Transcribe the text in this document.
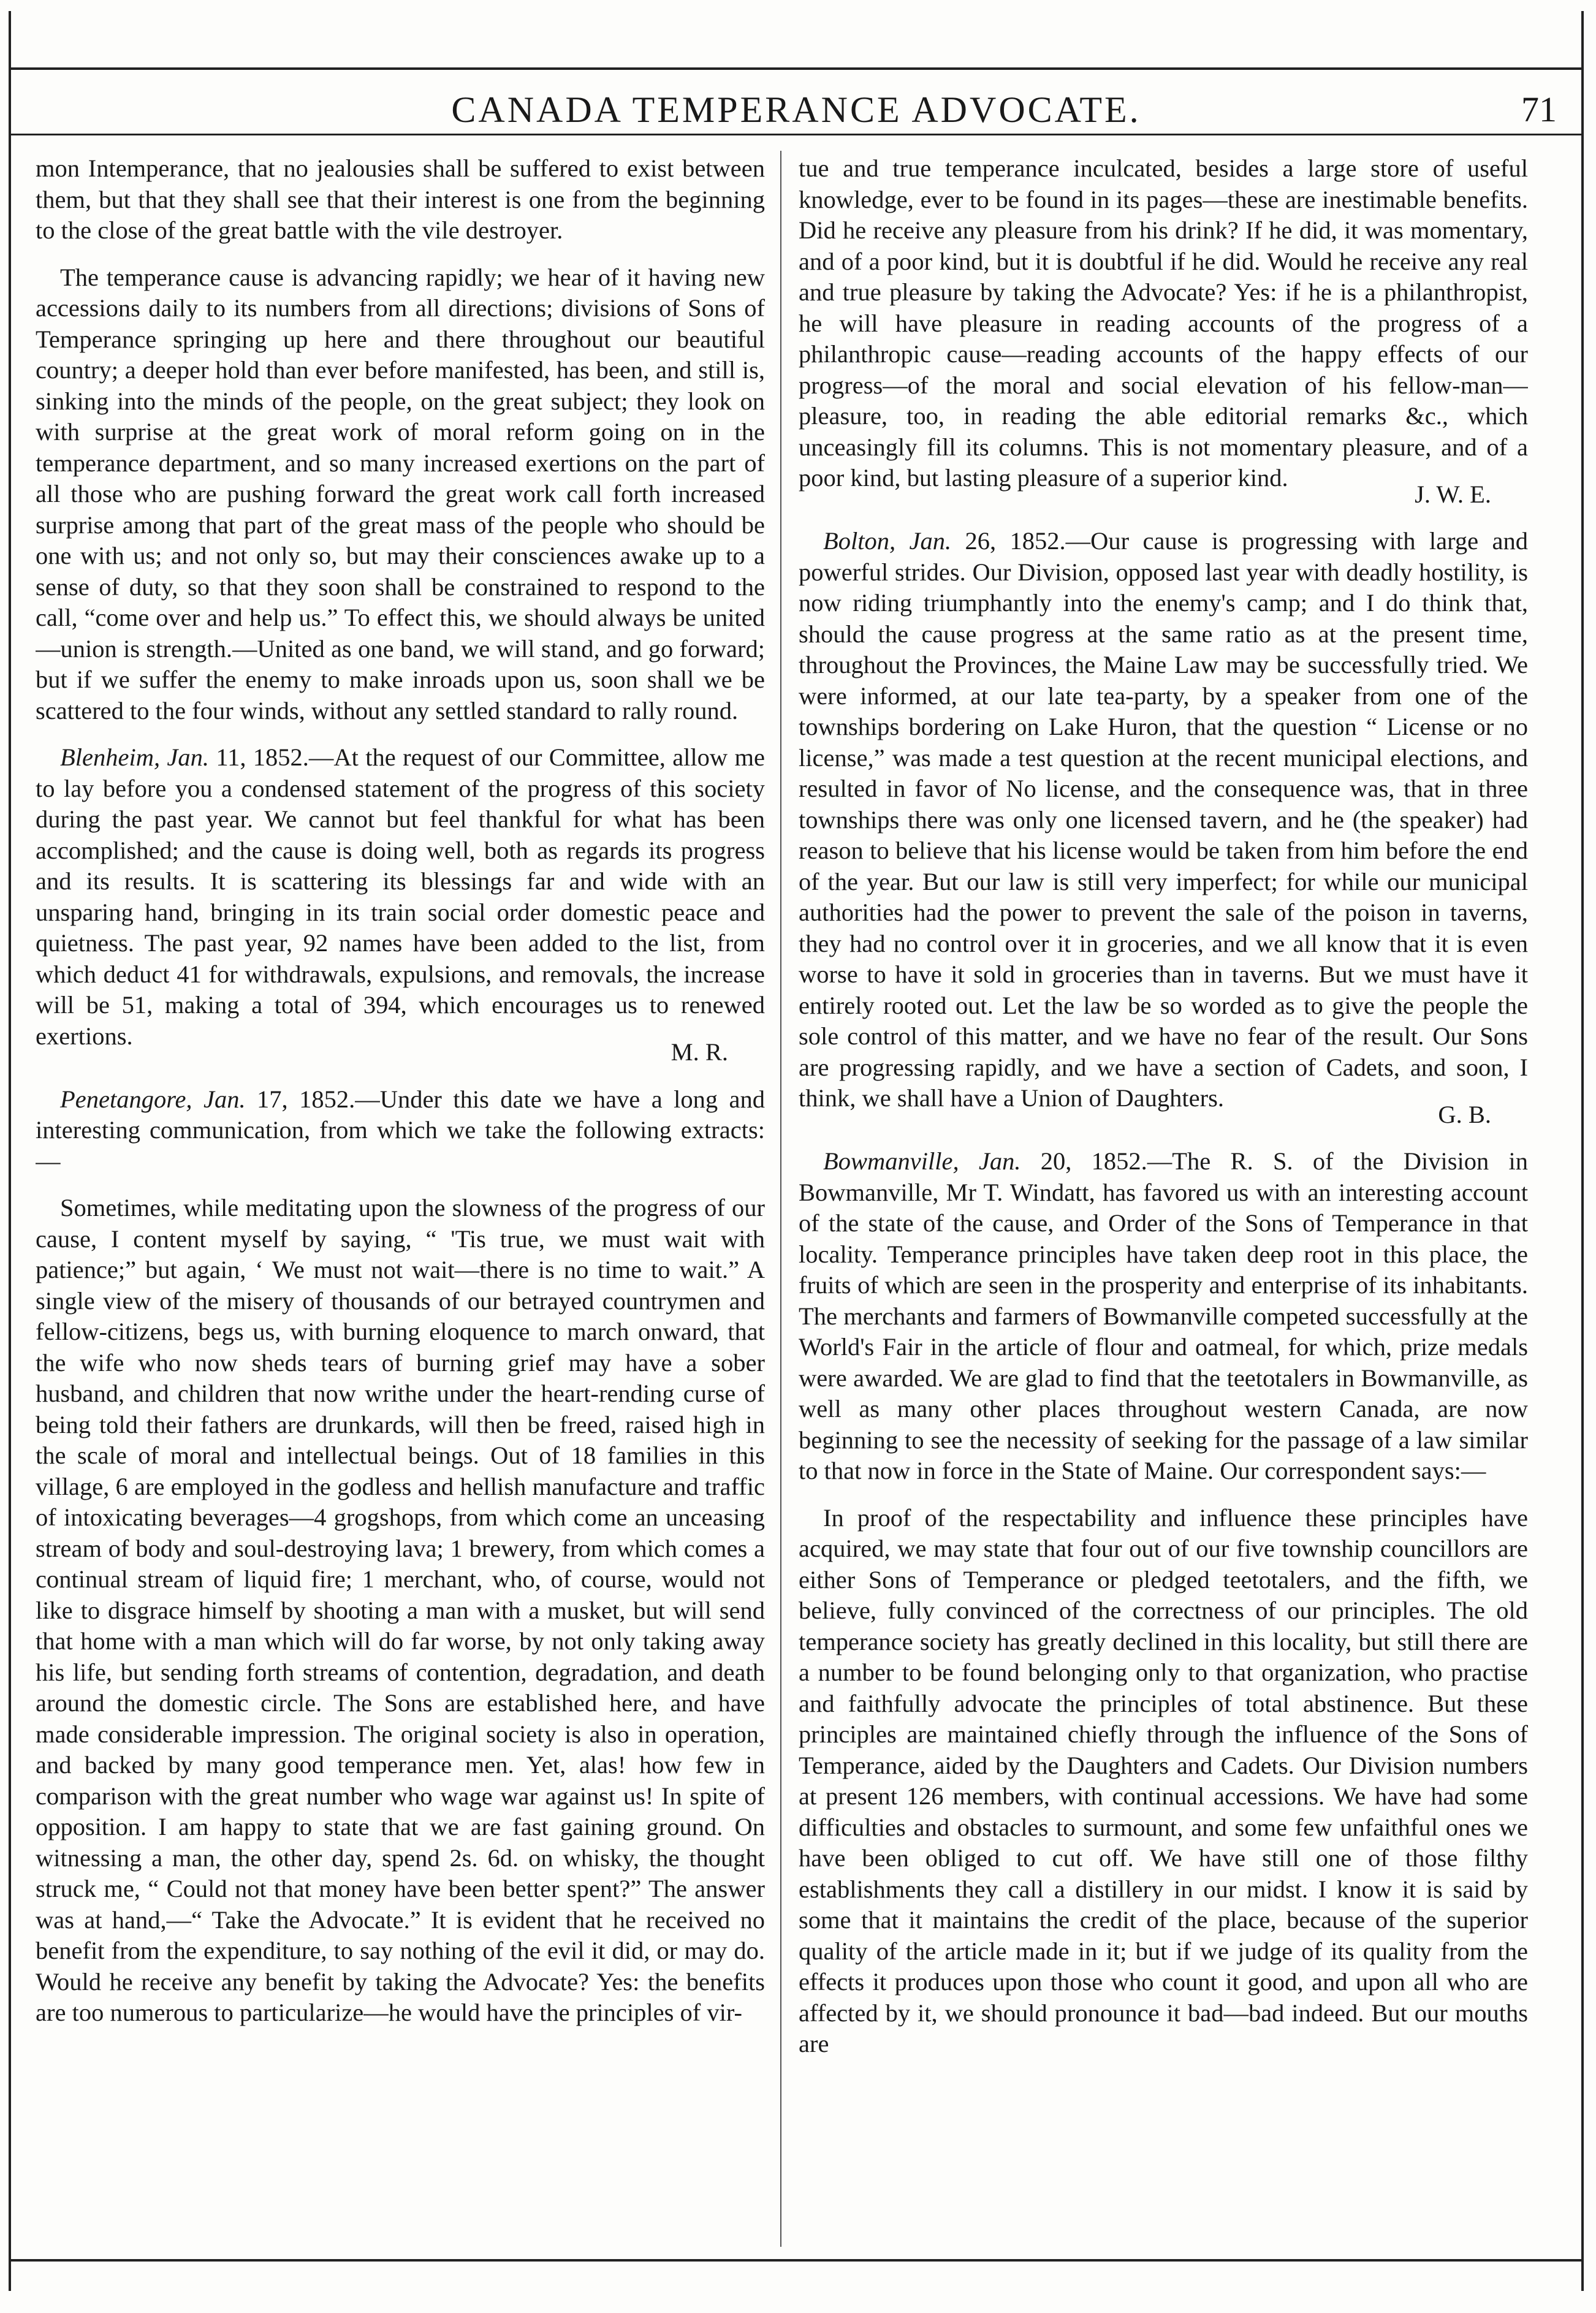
CANADA TEMPERANCE ADVOCATE.	71

mon Intemperance, that no jealousies shall be suffered to exist between them, but that they shall see that their interest is one from the beginning to the close of the great battle with the vile destroyer.

The temperance cause is advancing rapidly; we hear of it having new accessions daily to its numbers from all directions; divisions of Sons of Temperance springing up here and there throughout our beautiful country; a deeper hold than ever before manifested, has been, and still is, sinking into the minds of the people, on the great subject; they look on with surprise at the great work of moral reform going on in the temperance department, and so many increased exertions on the part of all those who are pushing forward the great work call forth increased surprise among that part of the great mass of the people who should be one with us; and not only so, but may their consciences awake up to a sense of duty, so that they soon shall be constrained to respond to the call, “come over and help us.” To effect this, we should always be united—union is strength.—United as one band, we will stand, and go forward; but if we suffer the enemy to make inroads upon us, soon shall we be scattered to the four winds, without any settled standard to rally round.

Blenheim, Jan. 11, 1852.—At the request of our Committee, allow me to lay before you a condensed statement of the progress of this society during the past year. We cannot but feel thankful for what has been accomplished; and the cause is doing well, both as regards its progress and its results. It is scattering its blessings far and wide with an unsparing hand, bringing in its train social order domestic peace and quietness. The past year, 92 names have been added to the list, from which deduct 41 for withdrawals, expulsions, and removals, the increase will be 51, making a total of 394, which encourages us to renewed exertions.

M. R.

Penetangore, Jan. 17, 1852.—Under this date we have a long and interesting communication, from which we take the following extracts:—

Sometimes, while meditating upon the slowness of the progress of our cause, I content myself by saying, “ 'Tis true, we must wait with patience;” but again, ‘ We must not wait—there is no time to wait.” A single view of the misery of thousands of our betrayed countrymen and fellow-citizens, begs us, with burning eloquence to march onward, that the wife who now sheds tears of burning grief may have a sober husband, and children that now writhe under the heart-rending curse of being told their fathers are drunkards, will then be freed, raised high in the scale of moral and intellectual beings. Out of 18 families in this village, 6 are employed in the godless and hellish manufacture and traffic of intoxicating beverages—4 grogshops, from which come an unceasing stream of body and soul-destroying lava; 1 brewery, from which comes a continual stream of liquid fire; 1 merchant, who, of course, would not like to disgrace himself by shooting a man with a musket, but will send that home with a man which will do far worse, by not only taking away his life, but sending forth streams of contention, degradation, and death around the domestic circle. The Sons are established here, and have made considerable impression. The original society is also in operation, and backed by many good temperance men. Yet, alas! how few in comparison with the great number who wage war against us! In spite of opposition. I am happy to state that we are fast gaining ground. On witnessing a man, the other day, spend 2s. 6d. on whisky, the thought struck me, “ Could not that money have been better spent?” The answer was at hand,—“ Take the Advocate.” It is evident that he received no benefit from the expenditure, to say nothing of the evil it did, or may do. Would he receive any benefit by taking the Advocate? Yes: the benefits are too numerous to particularize—he would have the principles of vir-

tue and true temperance inculcated, besides a large store of useful knowledge, ever to be found in its pages—these are inestimable benefits. Did he receive any pleasure from his drink? If he did, it was momentary, and of a poor kind, but it is doubtful if he did. Would he receive any real and true pleasure by taking the Advocate? Yes: if he is a philanthropist, he will have pleasure in reading accounts of the progress of a philanthropic cause—reading accounts of the happy effects of our progress—of the moral and social elevation of his fellow-man—pleasure, too, in reading the able editorial remarks &c., which unceasingly fill its columns. This is not momentary pleasure, and of a poor kind, but lasting pleasure of a superior kind.

J. W. E.

Bolton, Jan. 26, 1852.—Our cause is progressing with large and powerful strides. Our Division, opposed last year with deadly hostility, is now riding triumphantly into the enemy's camp; and I do think that, should the cause progress at the same ratio as at the present time, throughout the Provinces, the Maine Law may be successfully tried. We were informed, at our late tea-party, by a speaker from one of the townships bordering on Lake Huron, that the question “ License or no license,” was made a test question at the recent municipal elections, and resulted in favor of No license, and the consequence was, that in three townships there was only one licensed tavern, and he (the speaker) had reason to believe that his license would be taken from him before the end of the year. But our law is still very imperfect; for while our municipal authorities had the power to prevent the sale of the poison in taverns, they had no control over it in groceries, and we all know that it is even worse to have it sold in groceries than in taverns. But we must have it entirely rooted out. Let the law be so worded as to give the people the sole control of this matter, and we have no fear of the result. Our Sons are progressing rapidly, and we have a section of Cadets, and soon, I think, we shall have a Union of Daughters.

G. B.

Bowmanville, Jan. 20, 1852.—The R. S. of the Division in Bowmanville, Mr T. Windatt, has favored us with an interesting account of the state of the cause, and Order of the Sons of Temperance in that locality. Temperance principles have taken deep root in this place, the fruits of which are seen in the prosperity and enterprise of its inhabitants. The merchants and farmers of Bowmanville competed successfully at the World's Fair in the article of flour and oatmeal, for which, prize medals were awarded. We are glad to find that the teetotalers in Bowmanville, as well as many other places throughout western Canada, are now beginning to see the necessity of seeking for the passage of a law similar to that now in force in the State of Maine. Our correspondent says:—

In proof of the respectability and influence these principles have acquired, we may state that four out of our five township councillors are either Sons of Temperance or pledged teetotalers, and the fifth, we believe, fully convinced of the correctness of our principles. The old temperance society has greatly declined in this locality, but still there are a number to be found belonging only to that organization, who practise and faithfully advocate the principles of total abstinence. But these principles are maintained chiefly through the influence of the Sons of Temperance, aided by the Daughters and Cadets. Our Division numbers at present 126 members, with continual accessions. We have had some difficulties and obstacles to surmount, and some few unfaithful ones we have been obliged to cut off. We have still one of those filthy establishments they call a distillery in our midst. I know it is said by some that it maintains the credit of the place, because of the superior quality of the article made in it; but if we judge of its quality from the effects it produces upon those who count it good, and upon all who are affected by it, we should pronounce it bad—bad indeed. But our mouths are
